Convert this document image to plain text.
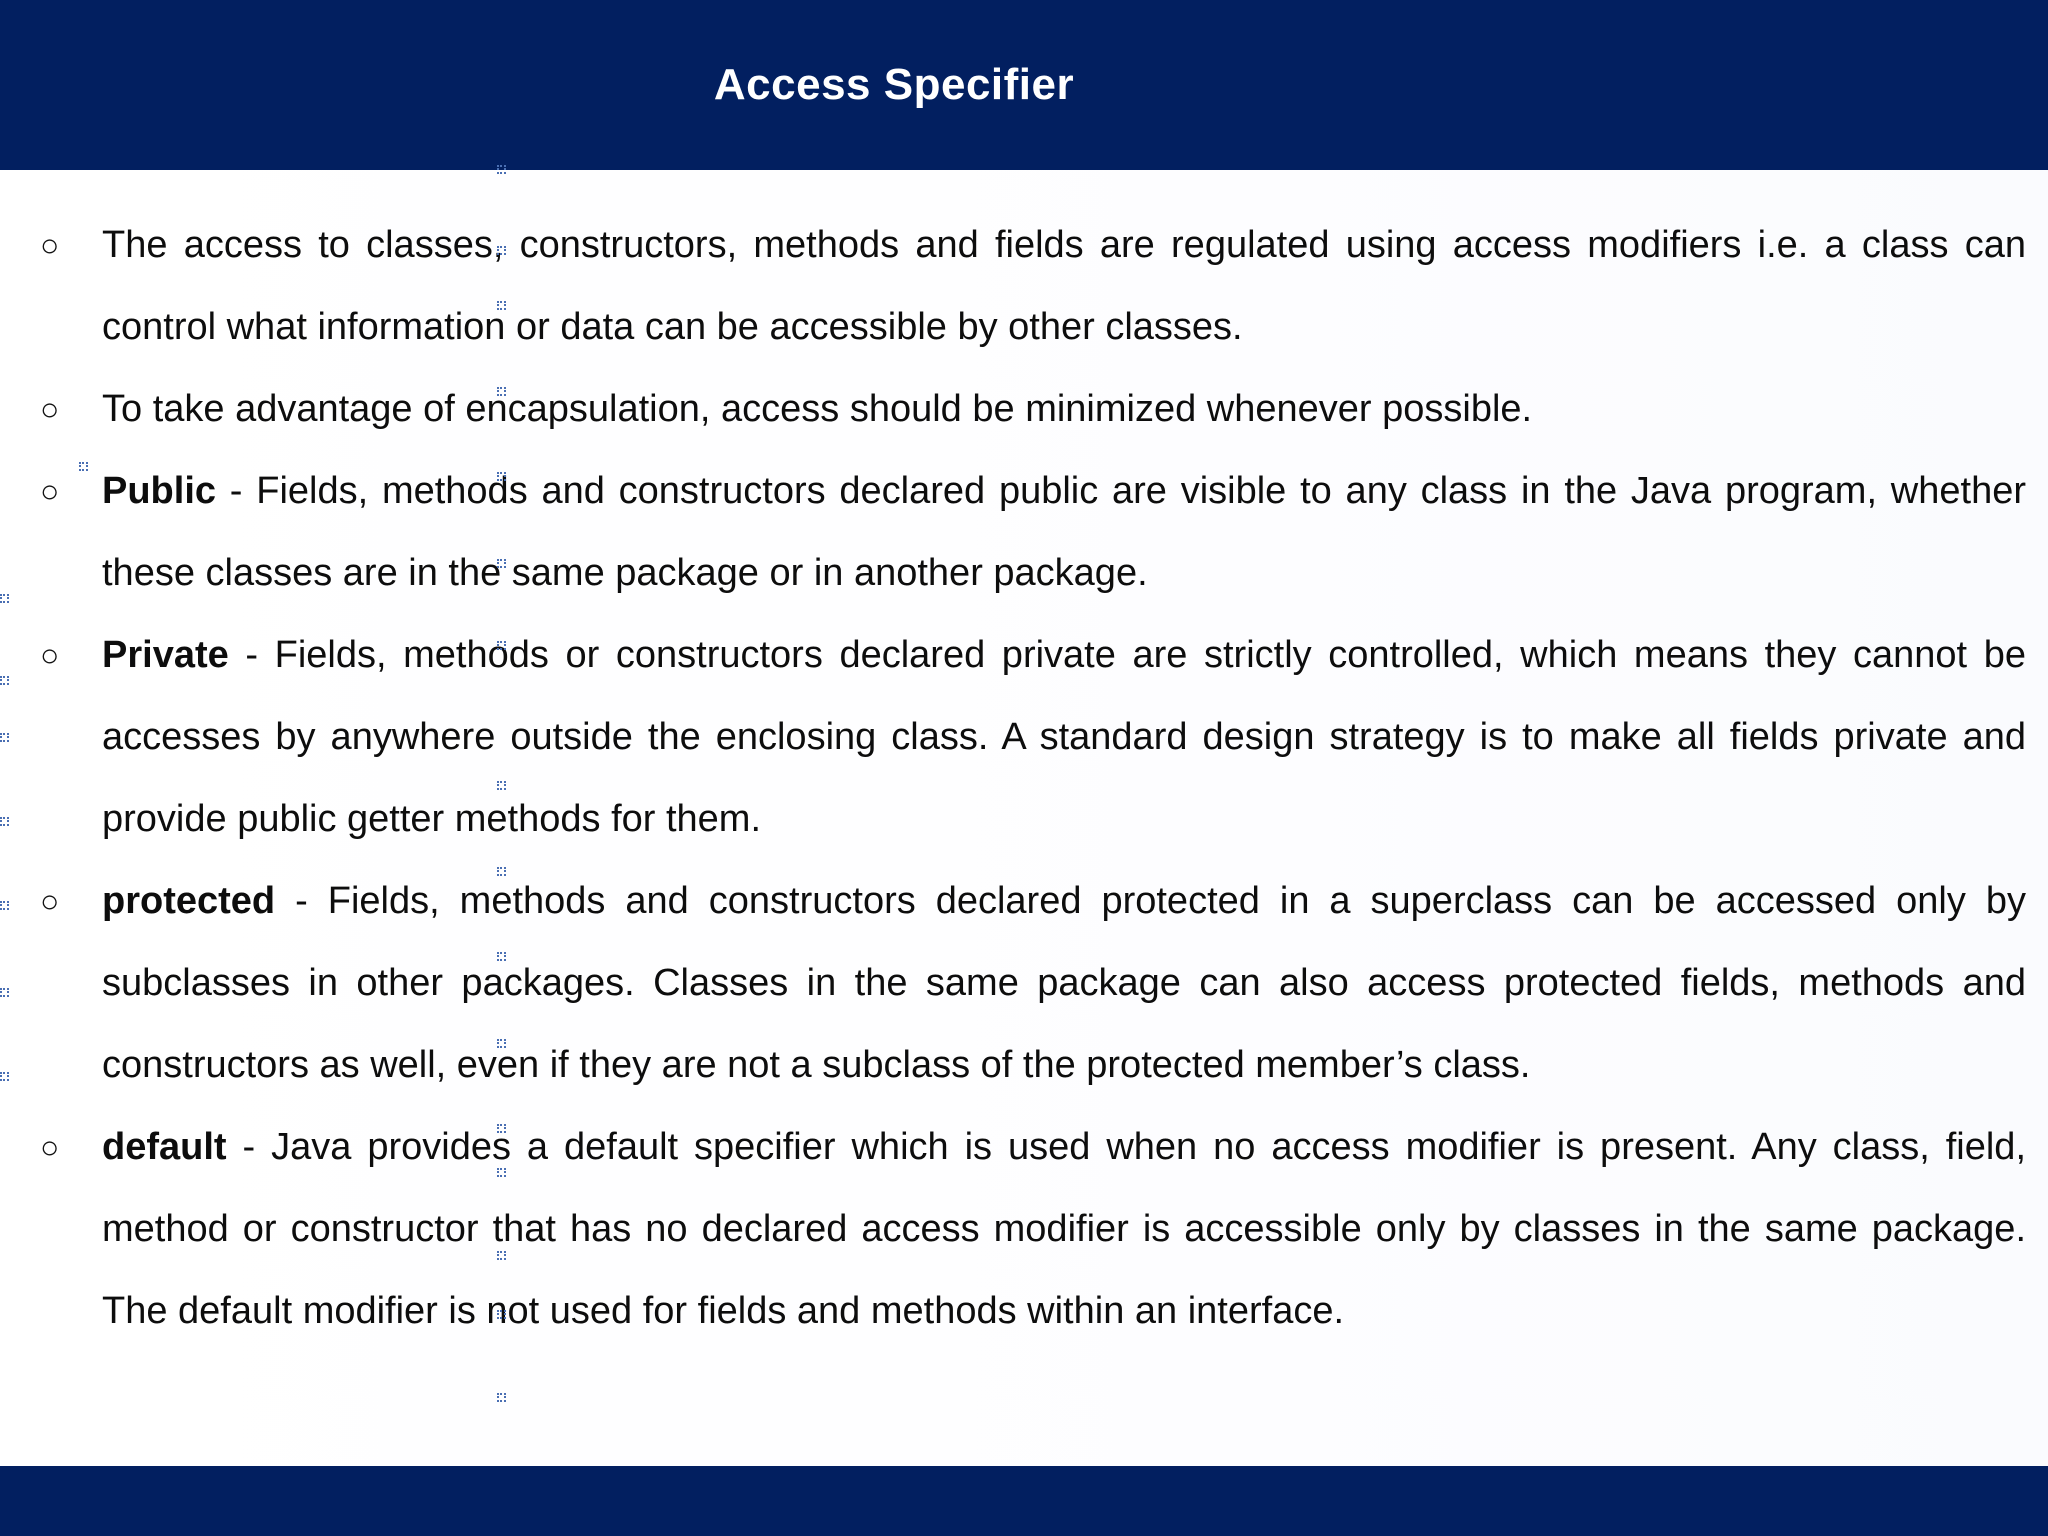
Access Specifier
○ The access to classes, constructors, methods and fields are regulated using access modifiers i.e. a class can control what information or data can be accessible by other classes.
○ To take advantage of encapsulation, access should be minimized whenever possible.
○ Public - Fields, methods and constructors declared public are visible to any class in the Java program, whether these classes are in the same package or in another package.
○ Private - Fields, methods or constructors declared private are strictly controlled, which means they cannot be accesses by anywhere outside the enclosing class. A standard design strategy is to make all fields private and provide public getter methods for them.
○ protected - Fields, methods and constructors declared protected in a superclass can be accessed only by subclasses in other packages. Classes in the same package can also access protected fields, methods and constructors as well, even if they are not a subclass of the protected member’s class.
○ default - Java provides a default specifier which is used when no access modifier is present. Any class, field, method or constructor that has no declared access modifier is accessible only by classes in the same package. The default modifier is not used for fields and methods within an interface.
